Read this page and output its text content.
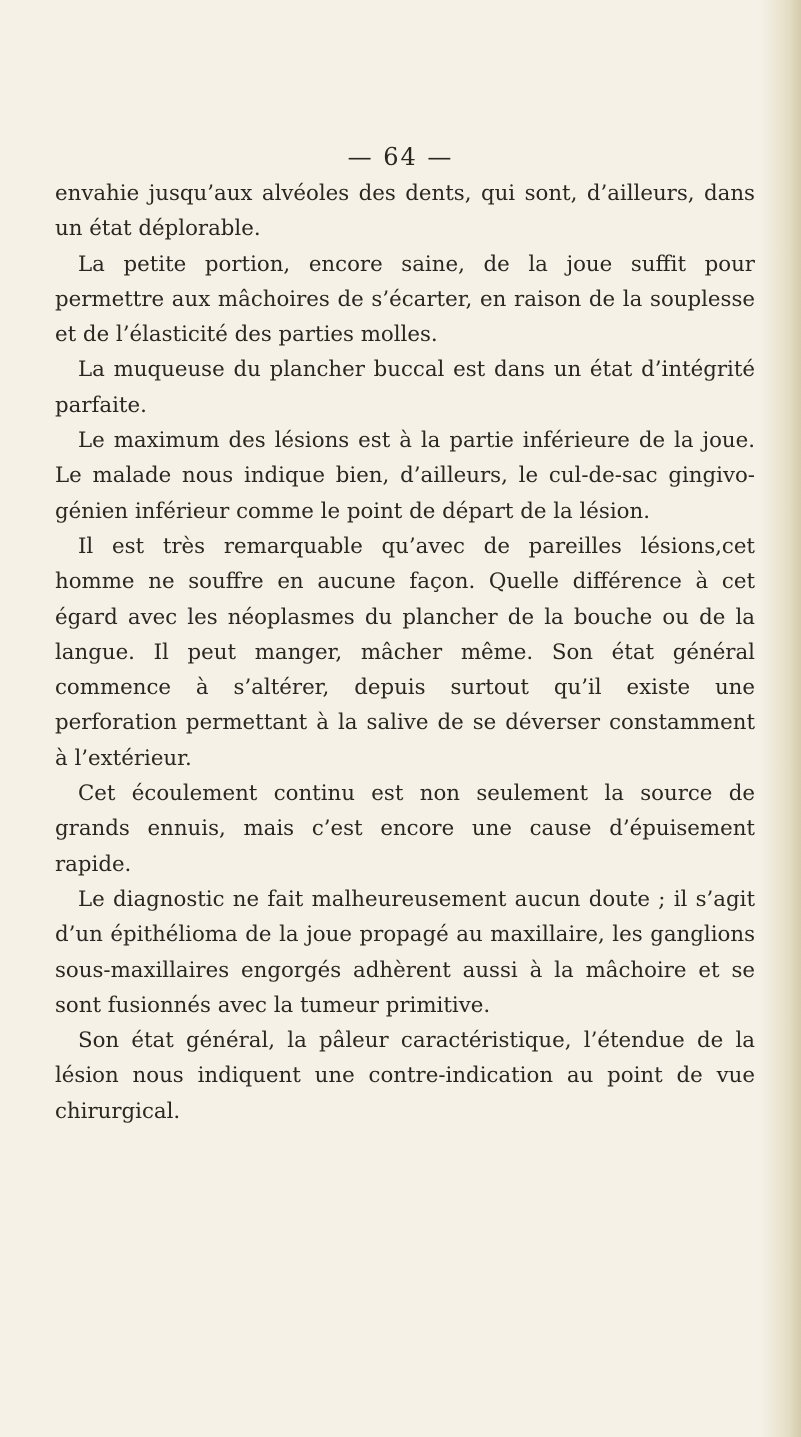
— 64 —

envahie jusqu’aux alvéoles des dents, qui sont, d’ailleurs, dans un état déplorable.

La petite portion, encore saine, de la joue suffit pour permettre aux mâchoires de s’écarter, en raison de la souplesse et de l’élasticité des parties molles.

La muqueuse du plancher buccal est dans un état d’intégrité parfaite.

Le maximum des lésions est à la partie inférieure de la joue. Le malade nous indique bien, d’ailleurs, le cul-de-sac gingivo-génien inférieur comme le point de départ de la lésion.

Il est très remarquable qu’avec de pareilles lésions,cet homme ne souffre en aucune façon. Quelle différence à cet égard avec les néoplasmes du plancher de la bouche ou de la langue. Il peut manger, mâcher même. Son état général commence à s’altérer, depuis surtout qu’il existe une perforation permettant à la salive de se déverser constamment à l’extérieur.

Cet écoulement continu est non seulement la source de grands ennuis, mais c’est encore une cause d’épuisement rapide.

Le diagnostic ne fait malheureusement aucun doute ; il s’agit d’un épithélioma de la joue propagé au maxillaire, les ganglions sous-maxillaires engorgés adhèrent aussi à la mâchoire et se sont fusionnés avec la tumeur primitive.

Son état général, la pâleur caractéristique, l’étendue de la lésion nous indiquent une contre-indication au point de vue chirurgical.
